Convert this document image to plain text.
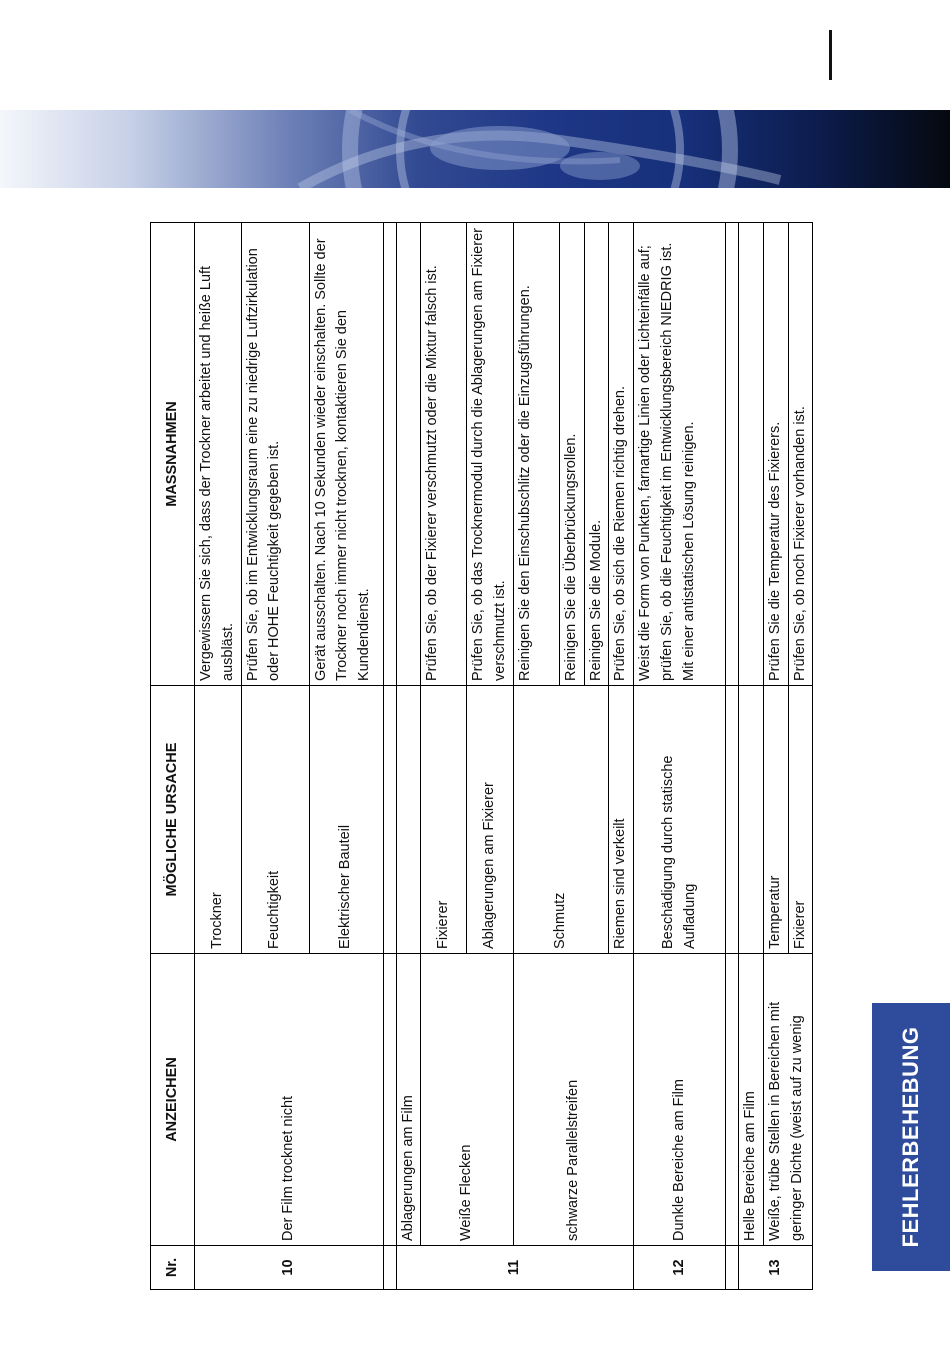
FEHLERBEHEBUNG
Nr.	ANZEICHEN	MÖGLICHE URSACHE	MASSNAHMEN
10	Der Film trocknet nicht	Trockner	Vergewissern Sie sich, dass der Trockner arbeitet und heiße Luft ausbläst.
		Feuchtigkeit	Prüfen Sie, ob im Entwicklungsraum eine zu niedrige Luftzirkulation oder HOHE Feuchtigkeit gegeben ist.
		Elektrischer Bauteil	Gerät ausschalten. Nach 10 Sekunden wieder einschalten. Sollte der Trockner noch immer nicht trocknen, kontaktieren Sie den Kundendienst.

11	Ablagerungen am Film		
	Weiße Flecken	Fixierer	Prüfen Sie, ob der Fixierer verschmutzt oder die Mixtur falsch ist.
		Ablagerungen am Fixierer	Prüfen Sie, ob das Trocknermodul durch die Ablagerungen am Fixierer verschmutzt ist.
	schwarze Parallelstreifen	Schmutz	Reinigen Sie den Einschubschlitz oder die Einzugsführungen.
			Reinigen Sie die Überbrückungsrollen.
			Reinigen Sie die Module.
		Riemen sind verkeilt	Prüfen Sie, ob sich die Riemen richtig drehen.
12	Dunkle Bereiche am Film	Beschädigung durch statische Aufladung	Weist die Form von Punkten, farnartige Linien oder Lichteinfälle auf; prüfen Sie, ob die Feuchtigkeit im Entwicklungsbereich NIEDRIG ist. Mit einer antistatischen Lösung reinigen.

13	Helle Bereiche am Film		
	Weiße, trübe Stellen in Bereichen mit geringer Dichte (weist auf zu wenig	Temperatur	Prüfen Sie die Temperatur des Fixierers.
		Fixierer	Prüfen Sie, ob noch Fixierer vorhanden ist.
